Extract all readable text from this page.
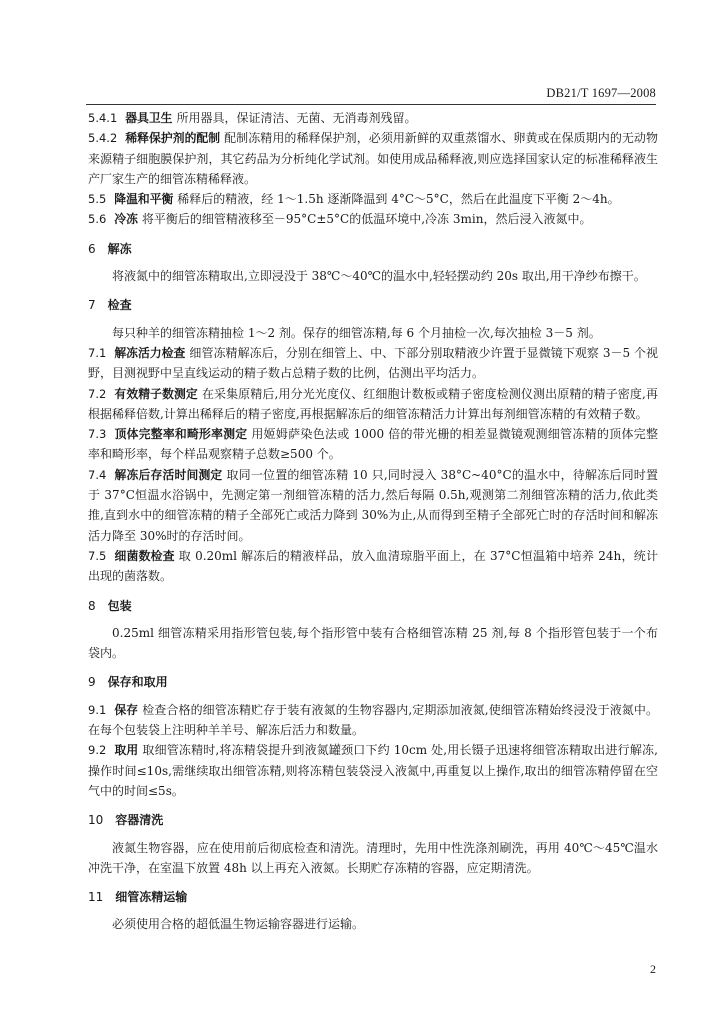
DB21/T 1697—2008

5.4.1 器具卫生 所用器具，保证清洁、无菌、无消毒剂残留。

5.4.2 稀释保护剂的配制 配制冻精用的稀释保护剂，必须用新鲜的双重蒸馏水、卵黄或在保质期内的无动物来源精子细胞膜保护剂，其它药品为分析纯化学试剂。如使用成品稀释液,则应选择国家认定的标准稀释液生产厂家生产的细管冻精稀释液。

5.5 降温和平衡 稀释后的精液，经 1～1.5h 逐渐降温到 4°C～5°C，然后在此温度下平衡 2～4h。

5.6 冷冻 将平衡后的细管精液移至－95°C±5°C的低温环境中,冷冻 3min，然后浸入液氮中。

6 解冻

将液氮中的细管冻精取出,立即浸没于 38℃～40℃的温水中,轻轻摆动约 20s 取出,用干净纱布擦干。

7 检查

每只种羊的细管冻精抽检 1～2 剂。保存的细管冻精,每 6 个月抽检一次,每次抽检 3－5 剂。

7.1 解冻活力检查 细管冻精解冻后，分别在细管上、中、下部分别取精液少许置于显微镜下观察 3－5 个视野，目测视野中呈直线运动的精子数占总精子数的比例，估测出平均活力。

7.2 有效精子数测定 在采集原精后,用分光光度仪、红细胞计数板或精子密度检测仪测出原精的精子密度,再根据稀释倍数,计算出稀释后的精子密度,再根据解冻后的细管冻精活力计算出每剂细管冻精的有效精子数。

7.3 顶体完整率和畸形率测定 用姬姆萨染色法或 1000 倍的带光栅的相差显微镜观测细管冻精的顶体完整率和畸形率，每个样品观察精子总数≥500 个。

7.4 解冻后存活时间测定 取同一位置的细管冻精 10 只,同时浸入 38°C~40°C的温水中，待解冻后同时置于 37°C恒温水浴锅中，先测定第一剂细管冻精的活力,然后每隔 0.5h,观测第二剂细管冻精的活力,依此类推,直到水中的细管冻精的精子全部死亡或活力降到 30%为止,从而得到至精子全部死亡时的存活时间和解冻活力降至 30%时的存活时间。

7.5 细菌数检查 取 0.20ml 解冻后的精液样品，放入血清琼脂平面上，在 37°C恒温箱中培养 24h，统计出现的菌落数。

8 包装

0.25ml 细管冻精采用指形管包装,每个指形管中装有合格细管冻精 25 剂,每 8 个指形管包装于一个布袋内。

9 保存和取用

9.1 保存 检查合格的细管冻精贮存于装有液氮的生物容器内,定期添加液氮,使细管冻精始终浸没于液氮中。在每个包装袋上注明种羊羊号、解冻后活力和数量。

9.2 取用 取细管冻精时,将冻精袋提升到液氮罐颈口下约 10cm 处,用长镊子迅速将细管冻精取出进行解冻,操作时间≤10s,需继续取出细管冻精,则将冻精包装袋浸入液氮中,再重复以上操作,取出的细管冻精停留在空气中的时间≤5s。

10 容器清洗

液氮生物容器，应在使用前后彻底检查和清洗。清理时，先用中性洗涤剂刷洗，再用 40℃～45℃温水冲洗干净，在室温下放置 48h 以上再充入液氮。长期贮存冻精的容器，应定期清洗。

11 细管冻精运输

必须使用合格的超低温生物运输容器进行运输。

2
